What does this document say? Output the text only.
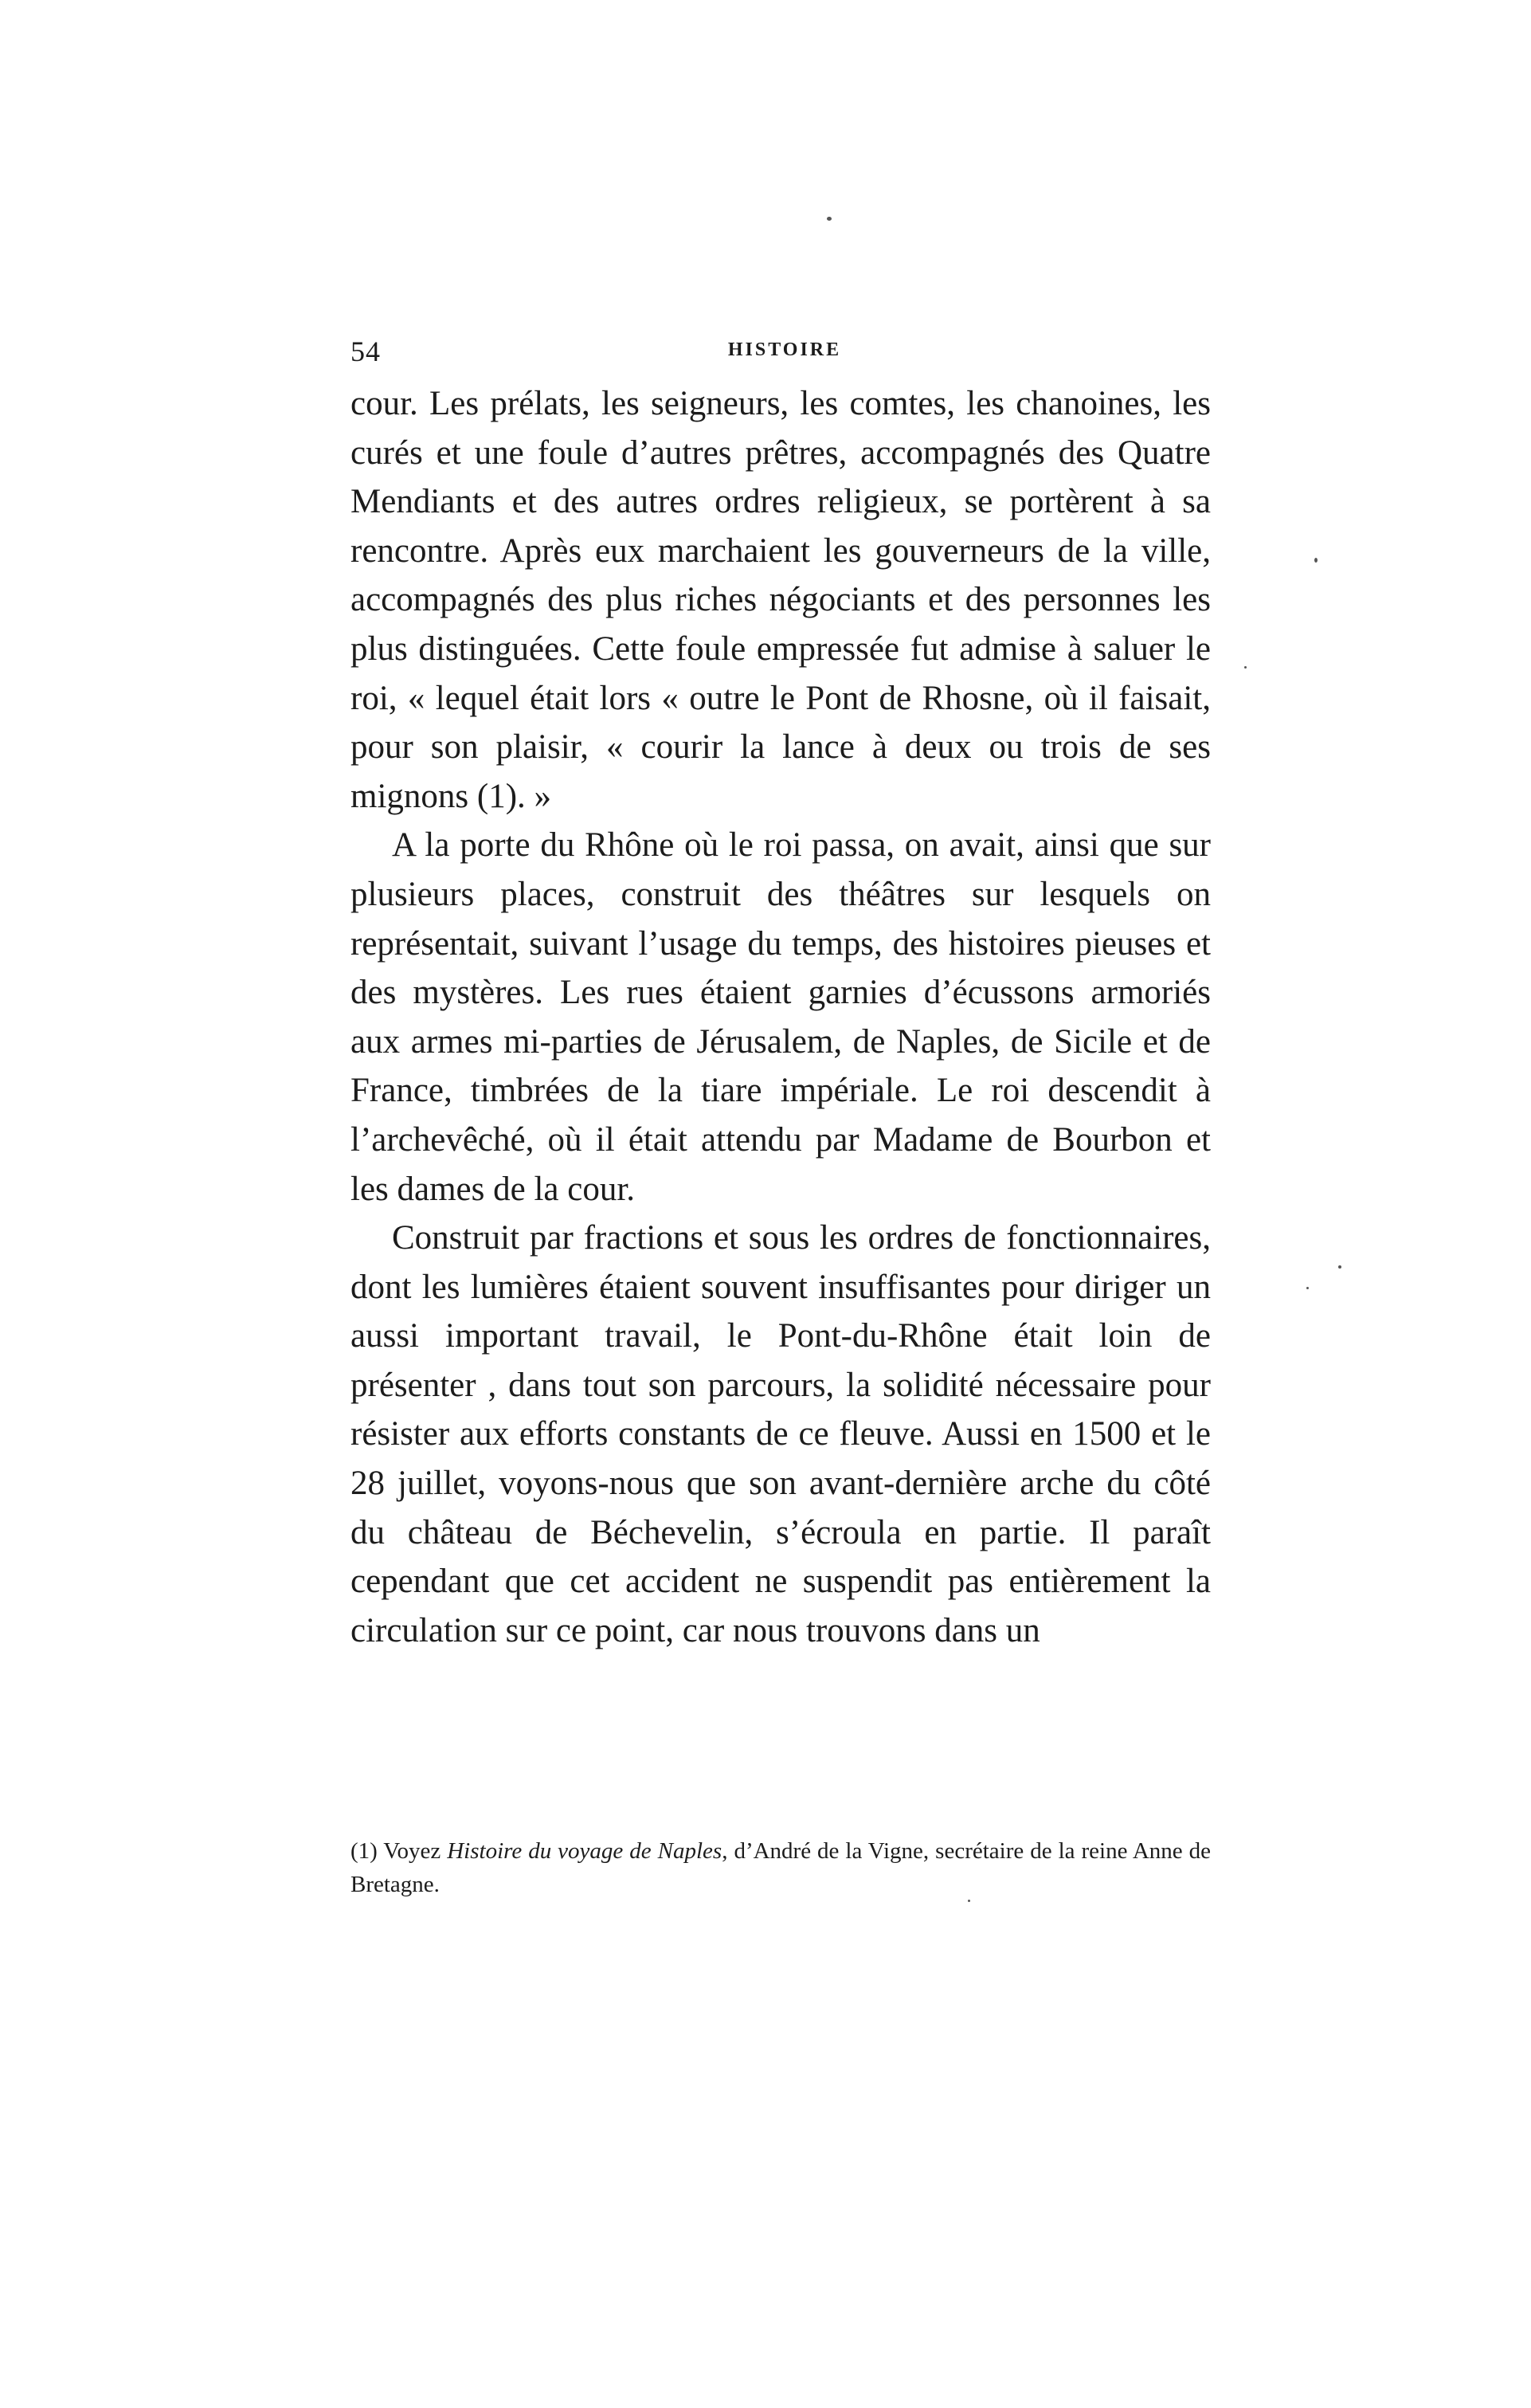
54	HISTOIRE

cour. Les prélats, les seigneurs, les comtes, les chanoines, les curés et une foule d’autres prêtres, accompagnés des Quatre Mendiants et des autres ordres religieux, se portèrent à sa rencontre. Après eux marchaient les gouverneurs de la ville, accompagnés des plus riches négociants et des personnes les plus distinguées. Cette foule empressée fut admise à saluer le roi, « lequel était lors « outre le Pont de Rhosne, où il faisait, pour son plaisir, « courir la lance à deux ou trois de ses mignons (1). »

A la porte du Rhône où le roi passa, on avait, ainsi que sur plusieurs places, construit des théâtres sur lesquels on représentait, suivant l’usage du temps, des histoires pieuses et des mystères. Les rues étaient garnies d’écussons armoriés aux armes mi-parties de Jérusalem, de Naples, de Sicile et de France, timbrées de la tiare impériale. Le roi descendit à l’archevêché, où il était attendu par Madame de Bourbon et les dames de la cour.

Construit par fractions et sous les ordres de fonctionnaires, dont les lumières étaient souvent insuffisantes pour diriger un aussi important travail, le Pont-du-Rhône était loin de présenter , dans tout son parcours, la solidité nécessaire pour résister aux efforts constants de ce fleuve. Aussi en 1500 et le 28 juillet, voyons-nous que son avant-dernière arche du côté du château de Béchevelin, s’écroula en partie. Il paraît cependant que cet accident ne suspendit pas entièrement la circulation sur ce point, car nous trouvons dans un

(1) Voyez Histoire du voyage de Naples, d’André de la Vigne, secrétaire de la reine Anne de Bretagne.
